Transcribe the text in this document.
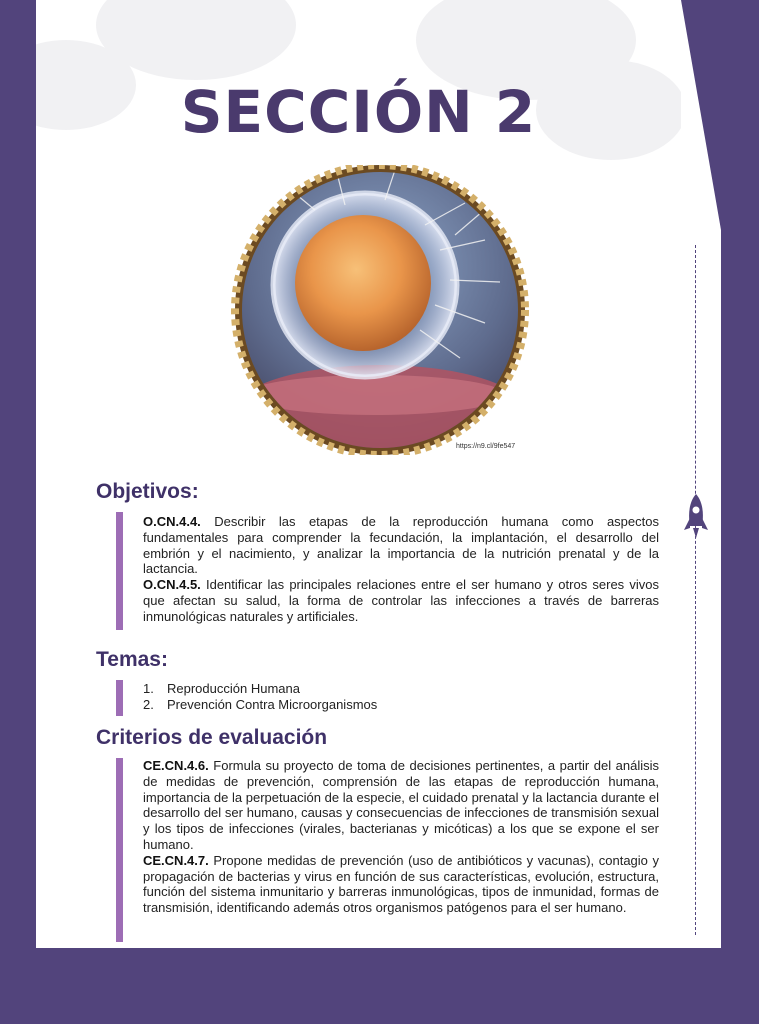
SECCIÓN 2
https://n9.cl/9fe547
Objetivos:

O.CN.4.4. Describir las etapas de la reproducción humana como aspectos fundamentales para comprender la fecundación, la implantación, el desarrollo del embrión y el nacimiento, y analizar la importancia de la nutrición prenatal y de la lactancia.

O.CN.4.5. Identificar las principales relaciones entre el ser humano y otros seres vivos que afectan su salud, la forma de controlar las infecciones a través de barreras inmunológicas naturales y artificiales.

Temas:
1. Reproducción Humana
2. Prevención Contra Microorganismos
Criterios de evaluación

CE.CN.4.6. Formula su proyecto de toma de decisiones pertinentes, a partir del análisis de medidas de prevención, comprensión de las etapas de reproducción humana, importancia de la perpetuación de la especie, el cuidado prenatal y la lactancia durante el desarrollo del ser humano, causas y consecuencias de infecciones de transmisión sexual y los tipos de infecciones (virales, bacterianas y micóticas) a los que se expone el ser humano.

CE.CN.4.7. Propone medidas de prevención (uso de antibióticos y vacunas), contagio y propagación de bacterias y virus en función de sus características, evolución, estructura, función del sistema inmunitario y barreras inmunológicas, tipos de inmunidad, formas de transmisión, identificando además otros organismos patógenos para el ser humano.
